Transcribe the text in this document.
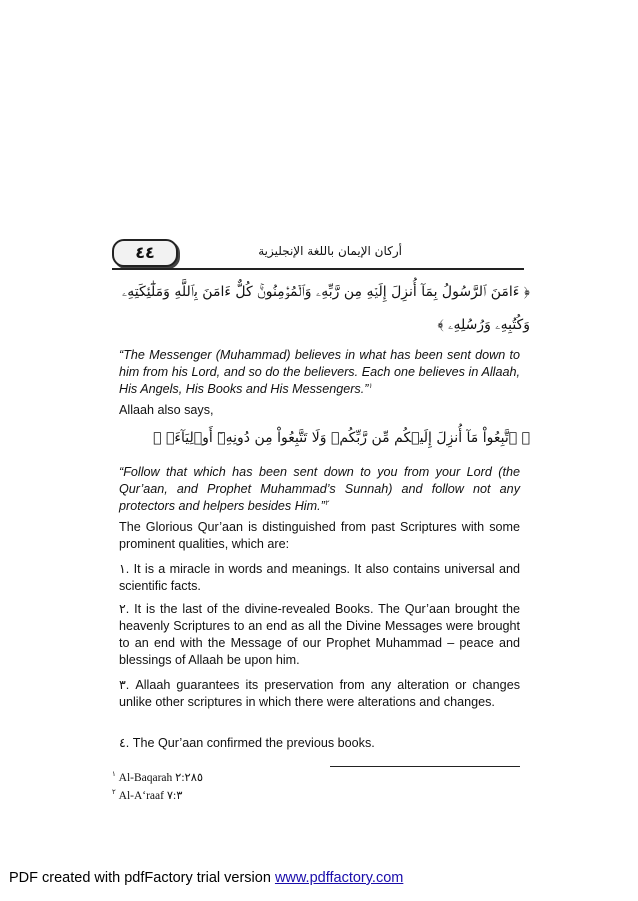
٤٤	أركان الإيمان باللغة الإنجليزية
﴿ ءَامَنَ ٱلرَّسُولُ بِمَآ أُنزِلَ إِلَيۡهِ مِن رَّبِّهِۦ وَٱلۡمُؤۡمِنُونَۚ كُلٌّ ءَامَنَ بِٱللَّهِ وَمَلَٰٓئِكَتِهِۦ
وَكُتُبِهِۦ وَرُسُلِهِۦ ﴾

“The Messenger (Muhammad) believes in what has been sent down to him from his Lord, and so do the believers. Each one believes in Allaah, His Angels, His Books and His Messengers.”$^١$

Allaah also says,

﴿ ٱتَّبِعُواْ مَآ أُنزِلَ إِلَيۡكُم مِّن رَّبِّكُمۡ وَلَا تَتَّبِعُواْ مِن دُونِهِۦٓ أَوۡلِيَآءَۗ ﴾

“Follow that which has been sent down to you from your Lord (the Qur’aan, and Prophet Muhammad’s Sunnah) and follow not any protectors and helpers besides Him.”$^٢$

The Glorious Qur’aan is distinguished from past Scriptures with some prominent qualities, which are:

١. It is a miracle in words and meanings. It also contains universal and scientific facts.

٢. It is the last of the divine-revealed Books. The Qur’aan brought the heavenly Scriptures to an end as all the Divine Messages were brought to an end with the Message of our Prophet Muhammad – peace and blessings of Allaah be upon him.

٣. Allaah guarantees its preservation from any alteration or changes unlike other scriptures in which there were alterations and changes.

٤. The Qur’aan confirmed the previous books.

$^١$ Al-Baqarah ٢:٢٨٥
$^٢$ Al-A‘raaf ٧:٣
PDF created with pdfFactory trial version www.pdffactory.com
